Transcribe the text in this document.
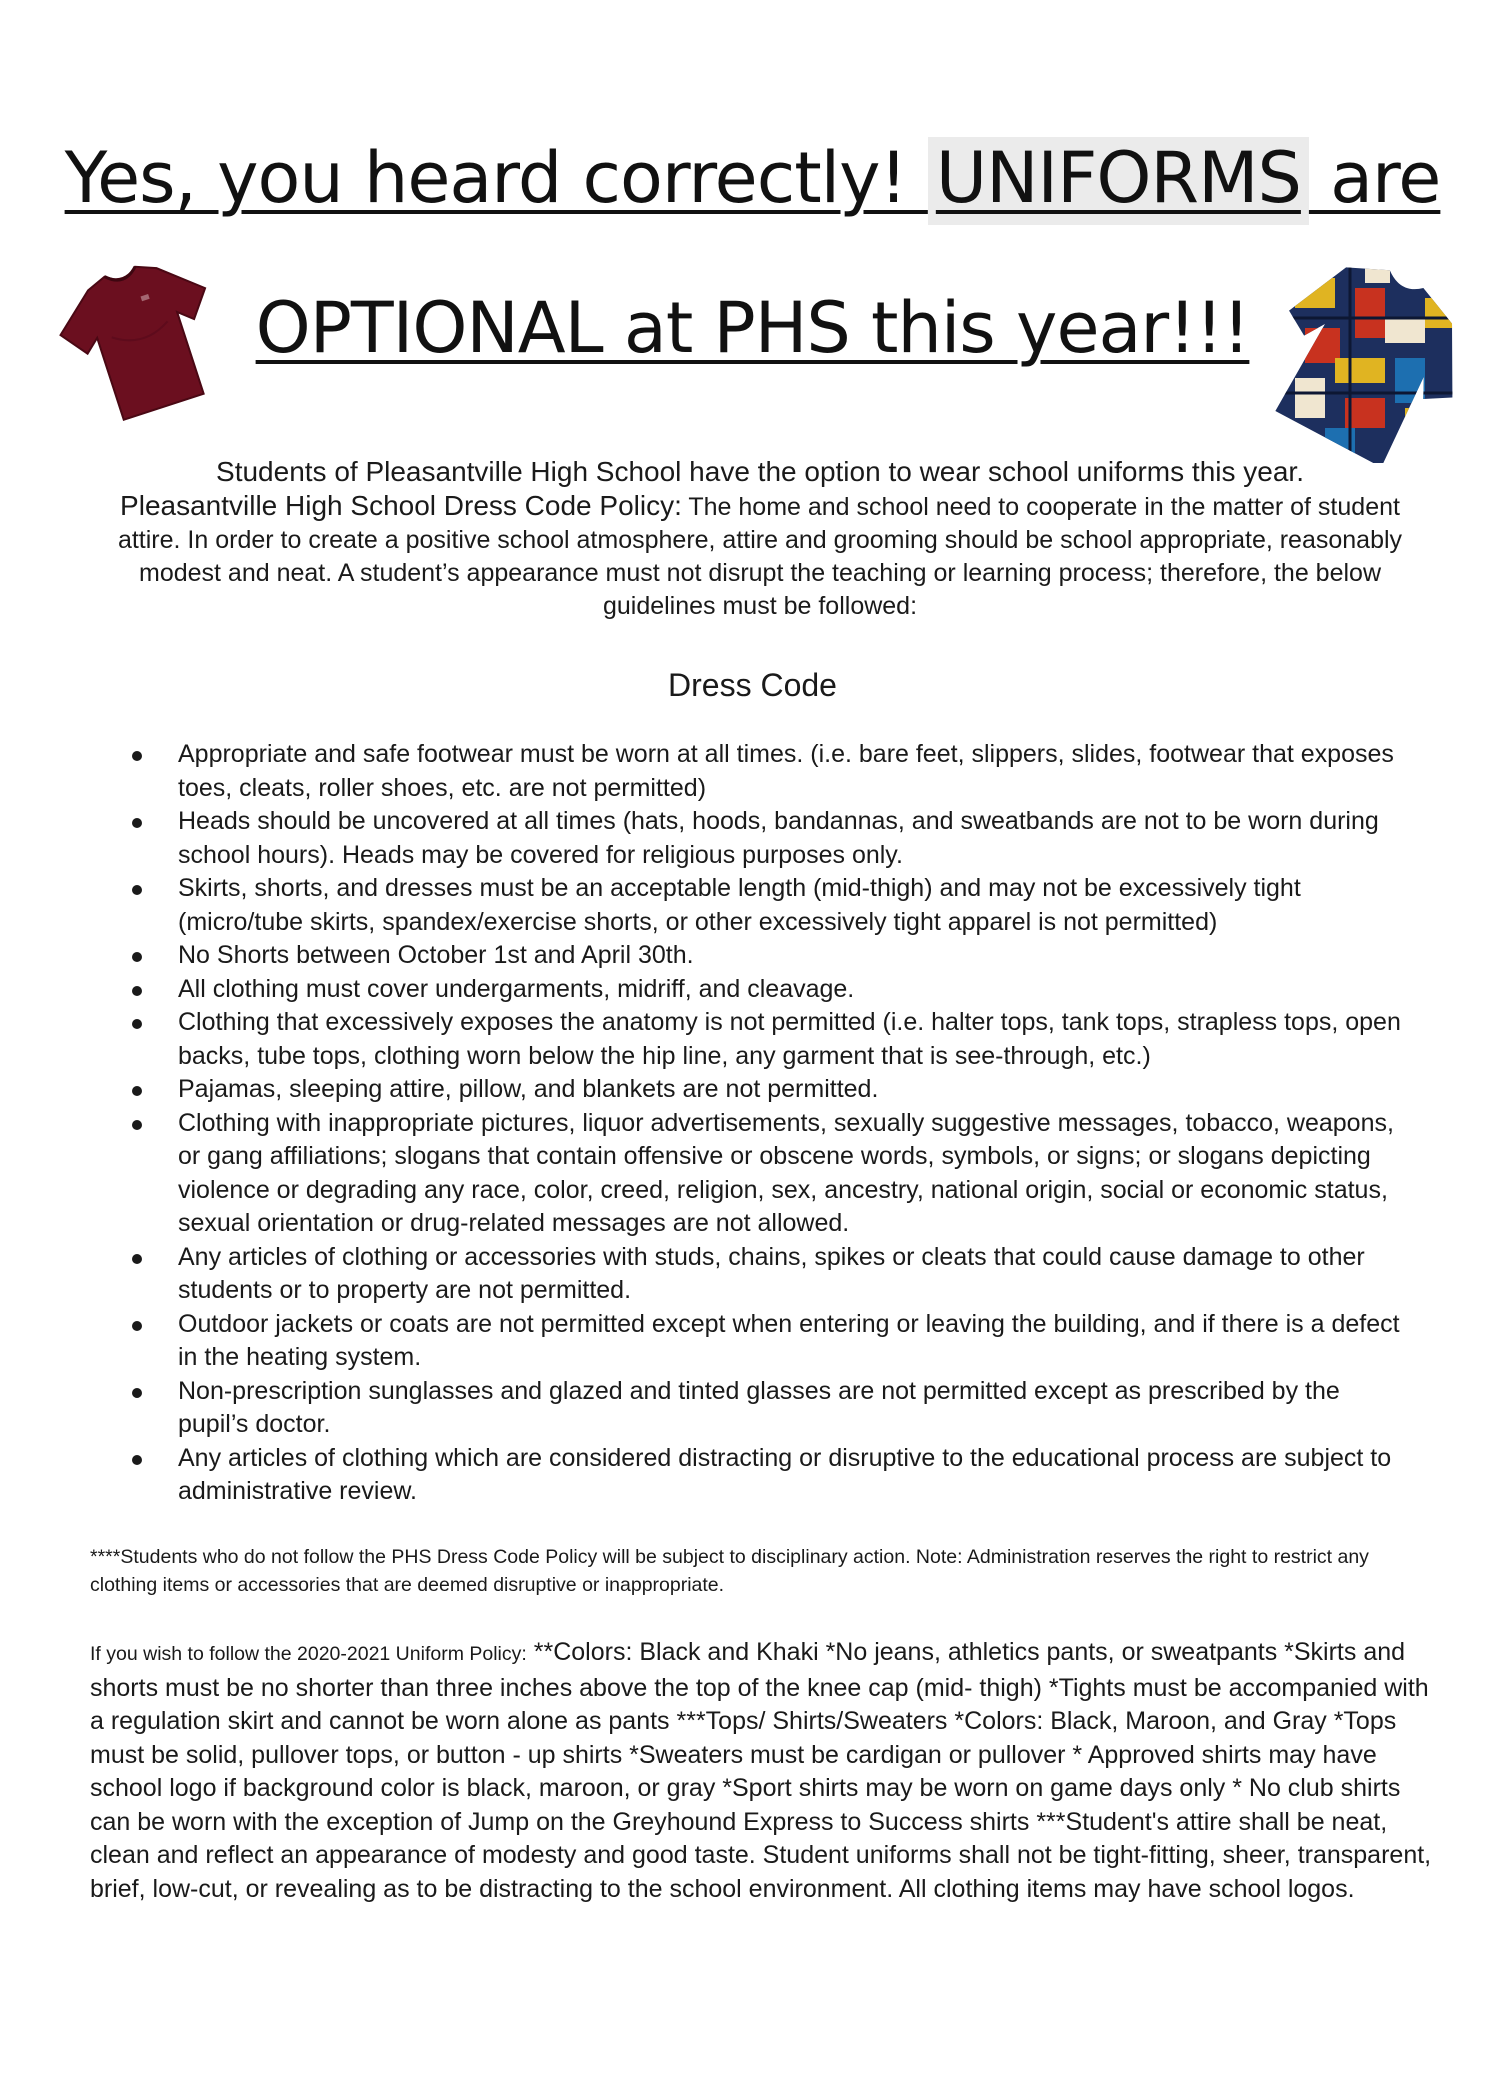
Yes, you heard correctly! UNIFORMS are
OPTIONAL at PHS this year!!!
Students of Pleasantville High School have the option to wear school uniforms this year.
Pleasantville High School Dress Code Policy: The home and school need to cooperate in the matter of student attire. In order to create a positive school atmosphere, attire and grooming should be school appropriate, reasonably modest and neat. A student’s appearance must not disrupt the teaching or learning process; therefore, the below guidelines must be followed:
Dress Code
Appropriate and safe footwear must be worn at all times. (i.e. bare feet, slippers, slides, footwear that exposes toes, cleats, roller shoes, etc. are not permitted)
Heads should be uncovered at all times (hats, hoods, bandannas, and sweatbands are not to be worn during school hours). Heads may be covered for religious purposes only.
Skirts, shorts, and dresses must be an acceptable length (mid-thigh) and may not be excessively tight (micro/tube skirts, spandex/exercise shorts, or other excessively tight apparel is not permitted)
No Shorts between October 1st and April 30th.
All clothing must cover undergarments, midriff, and cleavage.
Clothing that excessively exposes the anatomy is not permitted (i.e. halter tops, tank tops, strapless tops, open backs, tube tops, clothing worn below the hip line, any garment that is see-through, etc.)
Pajamas, sleeping attire, pillow, and blankets are not permitted.
Clothing with inappropriate pictures, liquor advertisements, sexually suggestive messages, tobacco, weapons, or gang affiliations; slogans that contain offensive or obscene words, symbols, or signs; or slogans depicting violence or degrading any race, color, creed, religion, sex, ancestry, national origin, social or economic status, sexual orientation or drug-related messages are not allowed.
Any articles of clothing or accessories with studs, chains, spikes or cleats that could cause damage to other students or to property are not permitted.
Outdoor jackets or coats are not permitted except when entering or leaving the building, and if there is a defect in the heating system.
Non-prescription sunglasses and glazed and tinted glasses are not permitted except as prescribed by the pupil’s doctor.
Any articles of clothing which are considered distracting or disruptive to the educational process are subject to administrative review.
****Students who do not follow the PHS Dress Code Policy will be subject to disciplinary action. Note: Administration reserves the right to restrict any clothing items or accessories that are deemed disruptive or inappropriate.
If you wish to follow the 2020-2021 Uniform Policy: **Colors: Black and Khaki *No jeans, athletics pants, or sweatpants *Skirts and shorts must be no shorter than three inches above the top of the knee cap (mid- thigh) *Tights must be accompanied with a regulation skirt and cannot be worn alone as pants ***Tops/ Shirts/Sweaters *Colors: Black, Maroon, and Gray *Tops must be solid, pullover tops, or button - up shirts *Sweaters must be cardigan or pullover * Approved shirts may have school logo if background color is black, maroon, or gray *Sport shirts may be worn on game days only * No club shirts can be worn with the exception of Jump on the Greyhound Express to Success shirts ***Student's attire shall be neat, clean and reflect an appearance of modesty and good taste. Student uniforms shall not be tight-fitting, sheer, transparent, brief, low-cut, or revealing as to be distracting to the school environment. All clothing items may have school logos.
